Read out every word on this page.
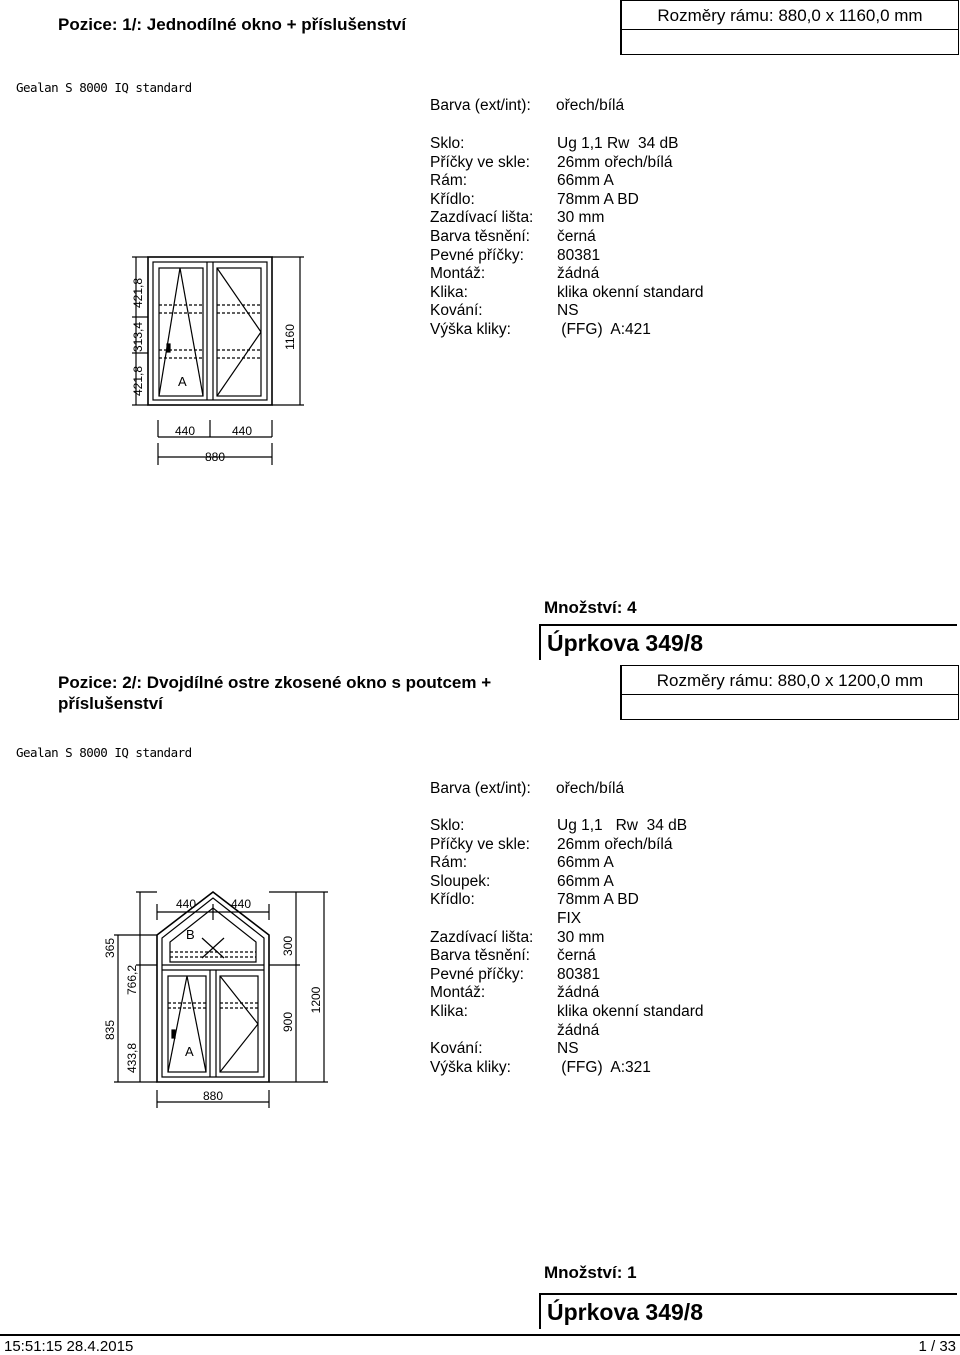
Pozice: 1/: Jednodílné okno + příslušenství	Rozměry rámu: 880,0 x 1160,0 mm
Gealan S 8000 IQ standard
Barva (ext/int): ořech/bílá
Sklo:	Ug 1,1 Rw  34 dB
Příčky ve skle: 26mm ořech/bílá
Rám:	66mm A
Křídlo:	78mm A BD
Zazdívací lišta: 30 mm
Barva těsnění: černá
Pevné příčky: 80381
Montáž:	žádná
Klika:	klika okenní standard
Kování:	NS
Výška kliky:	(FFG)  A:421
A
421,8
313,4
421,8
1160
440	440
880
Množství: 4
Úprkova 349/8
Pozice: 2/: Dvojdílné ostre zkosené okno s poutcem + příslušenství
Rozměry rámu: 880,0 x 1200,0 mm
Gealan S 8000 IQ standard
Barva (ext/int): ořech/bílá
Sklo:	Ug 1,1   Rw  34 dB
Příčky ve skle: 26mm ořech/bílá
Rám:	66mm A
Sloupek:	66mm A
Křídlo:	78mm A BD
FIX
Zazdívací lišta: 30 mm
Barva těsnění: černá
Pevné příčky: 80381
Montáž:	žádná
Klika:	klika okenní standard
žádná
Kování:	NS
Výška kliky:	(FFG)  A:321
B
A
440	440
365
835
766,2
433,8
300
900
1200
880
Množství: 1
Úprkova 349/8
15:51:15 28.4.2015	1 / 33
